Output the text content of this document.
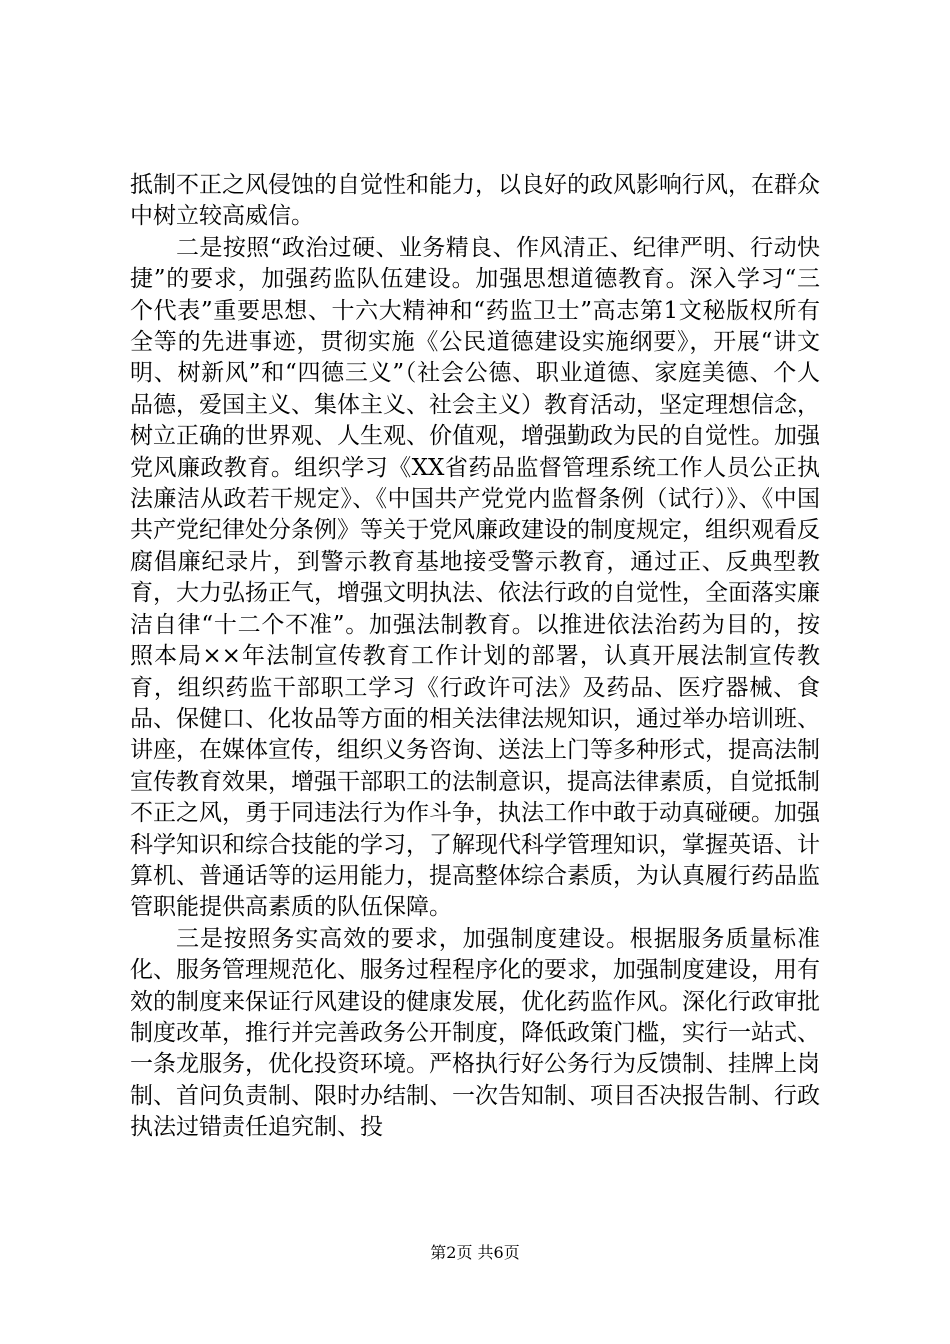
抵制不正之风侵蚀的自觉性和能力，以良好的政风影响行风，在群众中树立较高威信。

二是按照“政治过硬、业务精良、作风清正、纪律严明、行动快捷”的要求，加强药监队伍建设。加强思想道德教育。深入学习“三个代表”重要思想、十六大精神和“药监卫士”高志第1文秘版权所有全等的先进事迹，贯彻实施《公民道德建设实施纲要》，开展“讲文明、树新风”和“四德三义”（社会公德、职业道德、家庭美德、个人品德，爱国主义、集体主义、社会主义）教育活动，坚定理想信念，树立正确的世界观、人生观、价值观，增强勤政为民的自觉性。加强党风廉政教育。组织学习《XX省药品监督管理系统工作人员公正执法廉洁从政若干规定》、《中国共产党党内监督条例（试行）》、《中国共产党纪律处分条例》等关于党风廉政建设的制度规定，组织观看反腐倡廉纪录片，到警示教育基地接受警示教育，通过正、反典型教育，大力弘扬正气，增强文明执法、依法行政的自觉性，全面落实廉洁自律“十二个不准”。加强法制教育。以推进依法治药为目的，按照本局××年法制宣传教育工作计划的部署，认真开展法制宣传教育，组织药监干部职工学习《行政许可法》及药品、医疗器械、食品、保健口、化妆品等方面的相关法律法规知识，通过举办培训班、讲座，在媒体宣传，组织义务咨询、送法上门等多种形式，提高法制宣传教育效果，增强干部职工的法制意识，提高法律素质，自觉抵制不正之风，勇于同违法行为作斗争，执法工作中敢于动真碰硬。加强科学知识和综合技能的学习，了解现代科学管理知识，掌握英语、计算机、普通话等的运用能力，提高整体综合素质，为认真履行药品监管职能提供高素质的队伍保障。

三是按照务实高效的要求，加强制度建设。根据服务质量标准化、服务管理规范化、服务过程程序化的要求，加强制度建设，用有效的制度来保证行风建设的健康发展，优化药监作风。深化行政审批制度改革，推行并完善政务公开制度，降低政策门槛，实行一站式、一条龙服务，优化投资环境。严格执行好公务行为反馈制、挂牌上岗制、首问负责制、限时办结制、一次告知制、项目否决报告制、行政执法过错责任追究制、投

第2页 共6页
